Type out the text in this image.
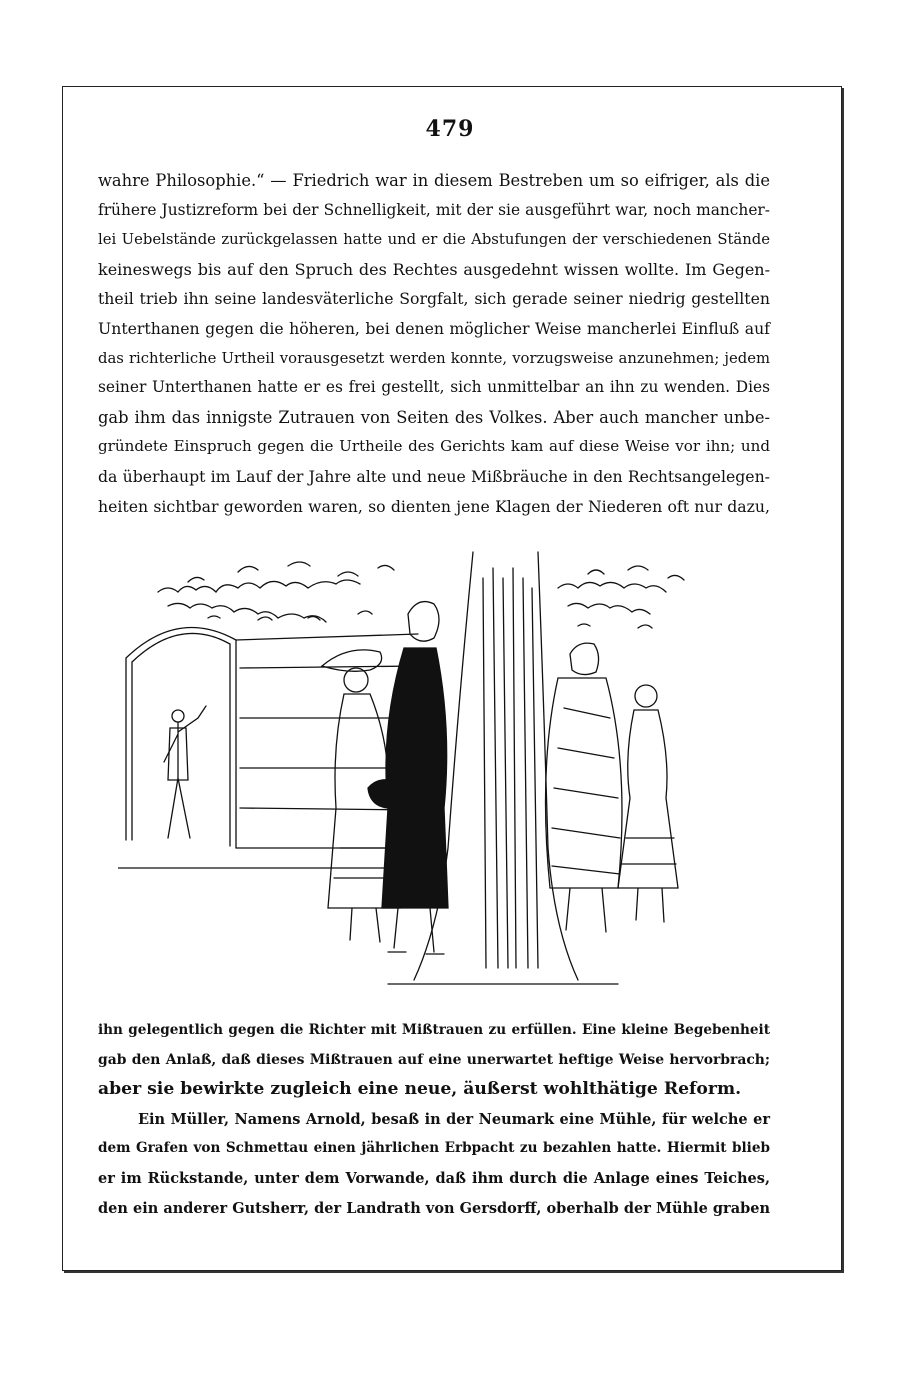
479
wahre Philosophie.“ — Friedrich war in diesem Bestreben um so eifriger, als die
frühere Justizreform bei der Schnelligkeit, mit der sie ausgeführt war, noch mancher-
lei Uebelstände zurückgelassen hatte und er die Abstufungen der verschiedenen Stände
keineswegs bis auf den Spruch des Rechtes ausgedehnt wissen wollte. Im Gegen-
theil trieb ihn seine landesväterliche Sorgfalt, sich gerade seiner niedrig gestellten
Unterthanen gegen die höheren, bei denen möglicher Weise mancherlei Einfluß auf
das richterliche Urtheil vorausgesetzt werden konnte, vorzugsweise anzunehmen; jedem
seiner Unterthanen hatte er es frei gestellt, sich unmittelbar an ihn zu wenden. Dies
gab ihm das innigste Zutrauen von Seiten des Volkes. Aber auch mancher unbe-
gründete Einspruch gegen die Urtheile des Gerichts kam auf diese Weise vor ihn; und
da überhaupt im Lauf der Jahre alte und neue Mißbräuche in den Rechtsangelegen-
heiten sichtbar geworden waren, so dienten jene Klagen der Niederen oft nur dazu,
ihn gelegentlich gegen die Richter mit Mißtrauen zu erfüllen. Eine kleine Begebenheit
gab den Anlaß, daß dieses Mißtrauen auf eine unerwartet heftige Weise hervorbrach;
aber sie bewirkte zugleich eine neue, äußerst wohlthätige Reform.
Ein Müller, Namens Arnold, besaß in der Neumark eine Mühle, für welche er
dem Grafen von Schmettau einen jährlichen Erbpacht zu bezahlen hatte. Hiermit blieb
er im Rückstande, unter dem Vorwande, daß ihm durch die Anlage eines Teiches,
den ein anderer Gutsherr, der Landrath von Gersdorff, oberhalb der Mühle graben
